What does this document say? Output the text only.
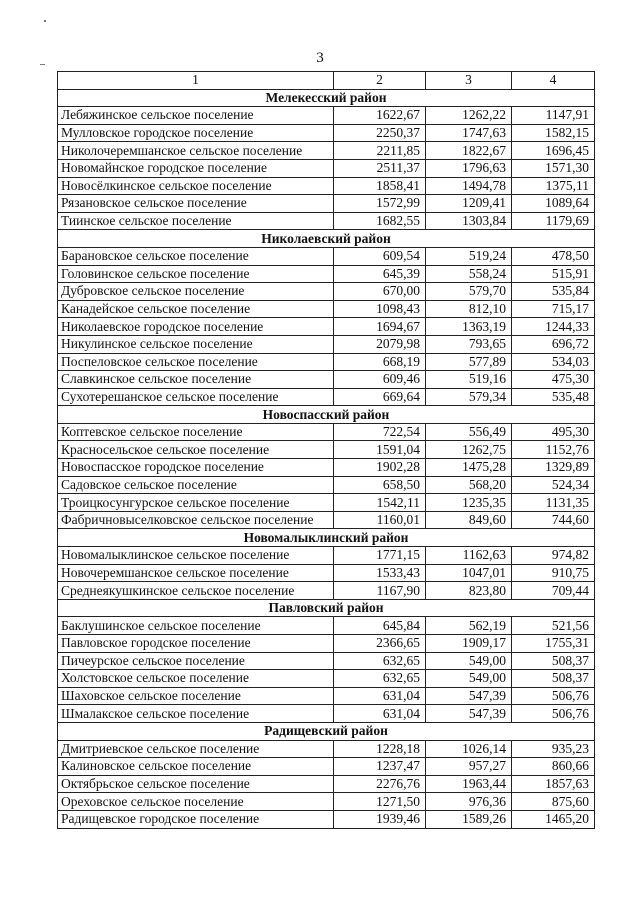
3
1	2	3	4
Мелекесский район			
Лебяжинское сельское поселение	1622,67	1262,22	1147,91
Мулловское городское поселение	2250,37	1747,63	1582,15
Николочеремшанское сельское поселение	2211,85	1822,67	1696,45
Новомайнское городское поселение	2511,37	1796,63	1571,30
Новосёлкинское сельское поселение	1858,41	1494,78	1375,11
Рязановское сельское поселение	1572,99	1209,41	1089,64
Тиинское сельское поселение	1682,55	1303,84	1179,69
Николаевский район			
Барановское сельское поселение	609,54	519,24	478,50
Головинское сельское поселение	645,39	558,24	515,91
Дубровское сельское поселение	670,00	579,70	535,84
Канадейское сельское поселение	1098,43	812,10	715,17
Николаевское городское поселение	1694,67	1363,19	1244,33
Никулинское сельское поселение	2079,98	793,65	696,72
Поспеловское сельское поселение	668,19	577,89	534,03
Славкинское сельское поселение	609,46	519,16	475,30
Сухотерешанское сельское поселение	669,64	579,34	535,48
Новоспасский район			
Коптевское сельское поселение	722,54	556,49	495,30
Красносельское сельское поселение	1591,04	1262,75	1152,76
Новоспасское городское поселение	1902,28	1475,28	1329,89
Садовское сельское поселение	658,50	568,20	524,34
Троицкосунгурское сельское поселение	1542,11	1235,35	1131,35
Фабричновыселковское сельское поселение	1160,01	849,60	744,60
Новомалыклинский район			
Новомалыклинское сельское поселение	1771,15	1162,63	974,82
Новочеремшанское сельское поселение	1533,43	1047,01	910,75
Среднеякушкинское сельское поселение	1167,90	823,80	709,44
Павловский район			
Баклушинское сельское поселение	645,84	562,19	521,56
Павловское городское поселение	2366,65	1909,17	1755,31
Пичеурское сельское поселение	632,65	549,00	508,37
Холстовское сельское поселение	632,65	549,00	508,37
Шаховское сельское поселение	631,04	547,39	506,76
Шмалакское сельское поселение	631,04	547,39	506,76
Радищевский район			
Дмитриевское сельское поселение	1228,18	1026,14	935,23
Калиновское сельское поселение	1237,47	957,27	860,66
Октябрьское сельское поселение	2276,76	1963,44	1857,63
Ореховское сельское поселение	1271,50	976,36	875,60
Радищевское городское поселение	1939,46	1589,26	1465,20
